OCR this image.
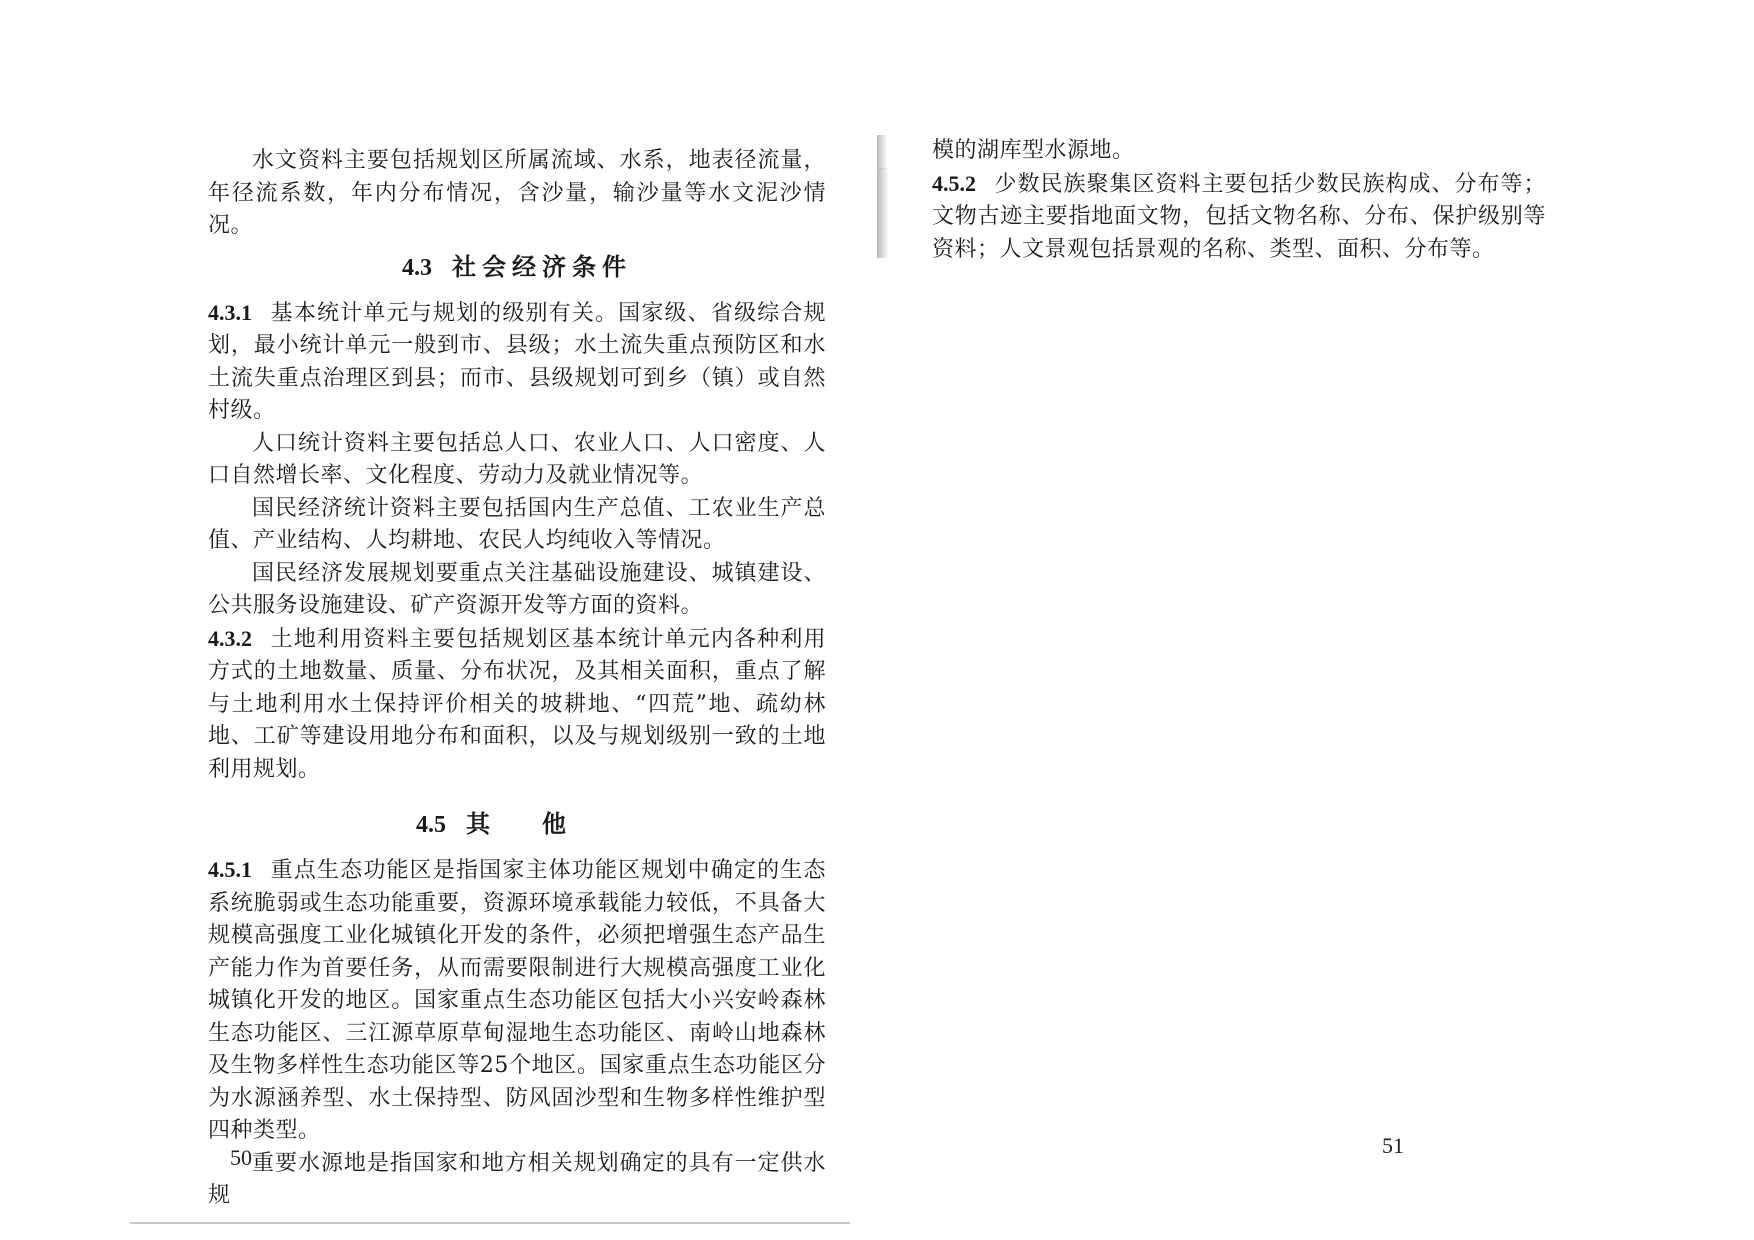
水文资料主要包括规划区所属流域、水系，地表径流量，年径流系数，年内分布情况，含沙量，输沙量等水文泥沙情况。

4.3 社会经济条件

4.3.1 基本统计单元与规划的级别有关。国家级、省级综合规划，最小统计单元一般到市、县级；水土流失重点预防区和水土流失重点治理区到县；而市、县级规划可到乡（镇）或自然村级。

人口统计资料主要包括总人口、农业人口、人口密度、人口自然增长率、文化程度、劳动力及就业情况等。

国民经济统计资料主要包括国内生产总值、工农业生产总值、产业结构、人均耕地、农民人均纯收入等情况。

国民经济发展规划要重点关注基础设施建设、城镇建设、公共服务设施建设、矿产资源开发等方面的资料。

4.3.2 土地利用资料主要包括规划区基本统计单元内各种利用方式的土地数量、质量、分布状况，及其相关面积，重点了解与土地利用水土保持评价相关的坡耕地、“四荒”地、疏幼林地、工矿等建设用地分布和面积，以及与规划级别一致的土地利用规划。

4.5 其他

4.5.1 重点生态功能区是指国家主体功能区规划中确定的生态系统脆弱或生态功能重要，资源环境承载能力较低，不具备大规模高强度工业化城镇化开发的条件，必须把增强生态产品生产能力作为首要任务，从而需要限制进行大规模高强度工业化城镇化开发的地区。国家重点生态功能区包括大小兴安岭森林生态功能区、三江源草原草甸湿地生态功能区、南岭山地森林及生物多样性生态功能区等25个地区。国家重点生态功能区分为水源涵养型、水土保持型、防风固沙型和生物多样性维护型四种类型。

重要水源地是指国家和地方相关规划确定的具有一定供水规

50

模的湖库型水源地。

4.5.2 少数民族聚集区资料主要包括少数民族构成、分布等；文物古迹主要指地面文物，包括文物名称、分布、保护级别等资料；人文景观包括景观的名称、类型、面积、分布等。

51
